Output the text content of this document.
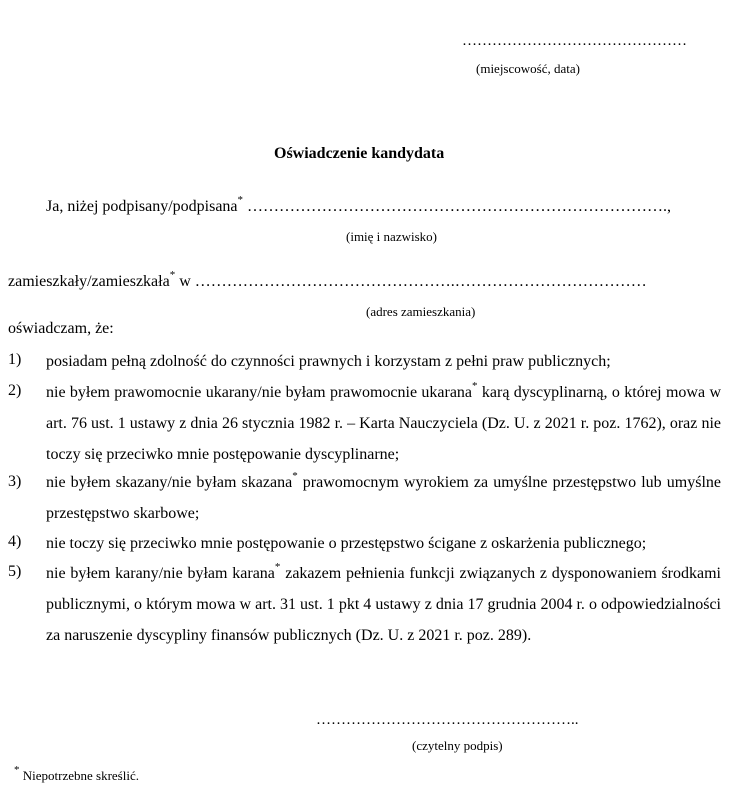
………………………………………
(miejscowość, data)
Oświadczenie kandydata
Ja, niżej podpisany/podpisana* …………………………………………………………………….,
(imię i nazwisko)
zamieszkały/zamieszkała* w ………………………………………….………………………………
(adres zamieszkania)
oświadczam, że:
1) posiadam pełną zdolność do czynności prawnych i korzystam z pełni praw publicznych;
2) nie byłem prawomocnie ukarany/nie byłam prawomocnie ukarana* karą dyscyplinarną, o której mowa w art. 76 ust. 1 ustawy z dnia 26 stycznia 1982 r. – Karta Nauczyciela (Dz. U. z 2021 r. poz. 1762), oraz nie toczy się przeciwko mnie postępowanie dyscyplinarne;
3) nie byłem skazany/nie byłam skazana* prawomocnym wyrokiem za umyślne przestępstwo lub umyślne przestępstwo skarbowe;
4) nie toczy się przeciwko mnie postępowanie o przestępstwo ścigane z oskarżenia publicznego;
5) nie byłem karany/nie byłam karana* zakazem pełnienia funkcji związanych z dysponowaniem środkami publicznymi, o którym mowa w art. 31 ust. 1 pkt 4 ustawy z dnia 17 grudnia 2004 r. o odpowiedzialności za naruszenie dyscypliny finansów publicznych (Dz. U. z 2021 r. poz. 289).
……………………………………………..
(czytelny podpis)
* Niepotrzebne skreślić.
